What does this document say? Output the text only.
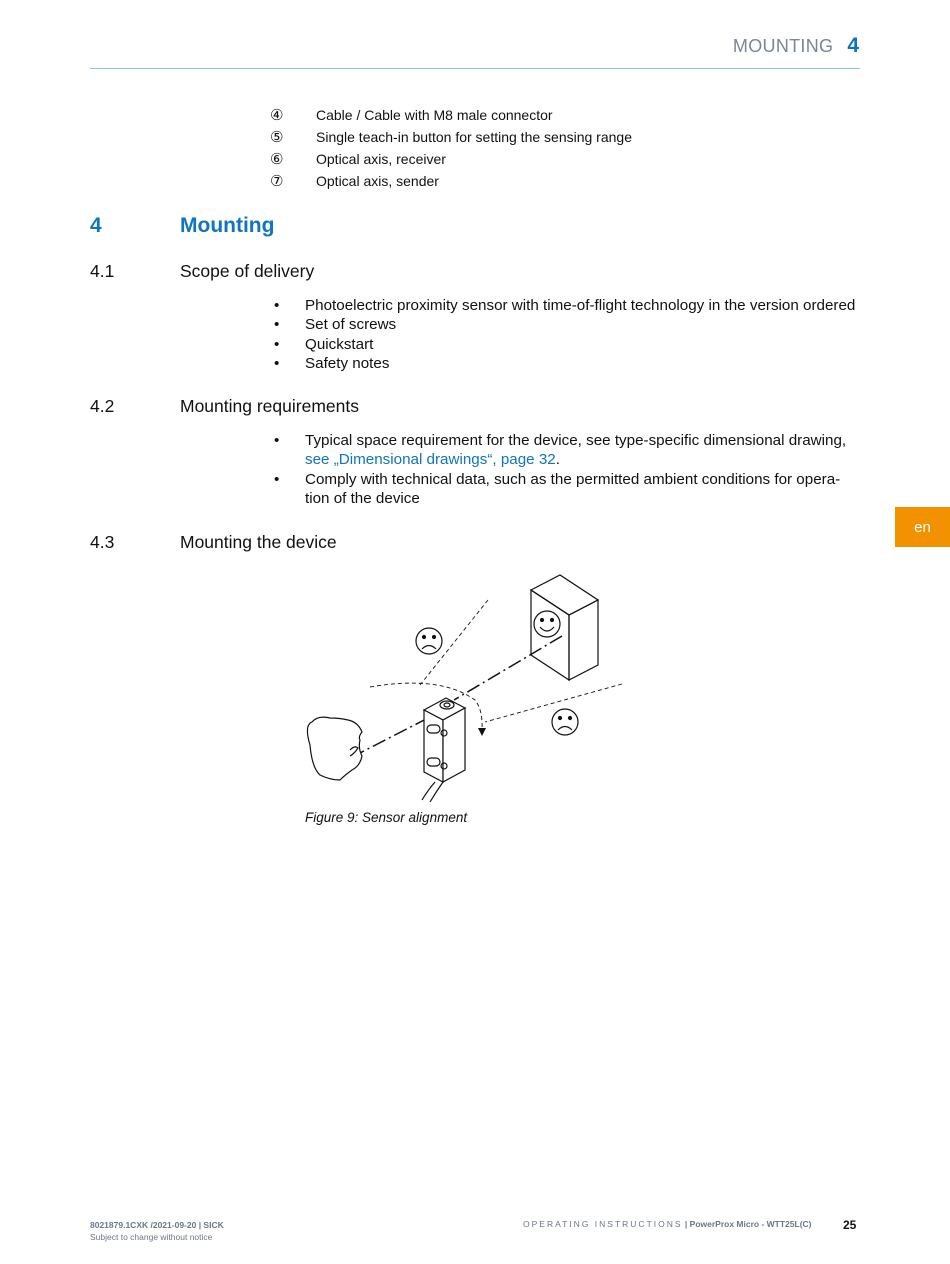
MOUNTING 4
④	Cable / Cable with M8 male connector
⑤	Single teach-in button for setting the sensing range
⑥	Optical axis, receiver
⑦	Optical axis, sender
4	Mounting
4.1	Scope of delivery
•	Photoelectric proximity sensor with time-of-flight technology in the version ordered
•	Set of screws
•	Quickstart
•	Safety notes
4.2	Mounting requirements
•	Typical space requirement for the device, see type-specific dimensional drawing,
see „Dimensional drawings“, page 32.
•	Comply with technical data, such as the permitted ambient conditions for opera-tion of the device
4.3	Mounting the device
en
Figure 9: Sensor alignment
8021879.1CXK /2021-09-20 | SICK
Subject to change without notice
OPERATING INSTRUCTIONS | PowerProx Micro - WTT25L(C)	25
